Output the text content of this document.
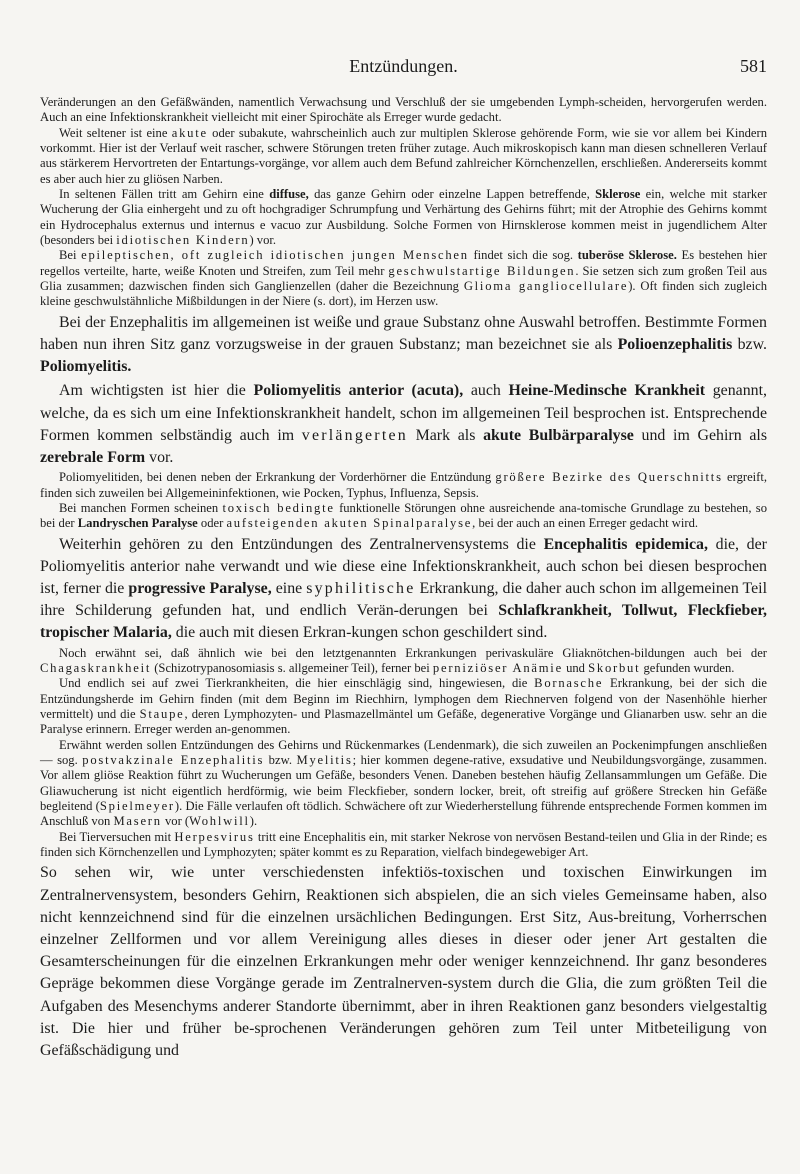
Entzündungen.	581

Veränderungen an den Gefäßwänden, namentlich Verwachsung und Verschluß der sie umgebenden Lymph-scheiden, hervorgerufen werden. Auch an eine Infektionskrankheit vielleicht mit einer Spirochäte als Erreger wurde gedacht.

Weit seltener ist eine akute oder subakute, wahrscheinlich auch zur multiplen Sklerose gehörende Form, wie sie vor allem bei Kindern vorkommt. Hier ist der Verlauf weit rascher, schwere Störungen treten früher zutage. Auch mikroskopisch kann man diesen schnelleren Verlauf aus stärkerem Hervortreten der Entartungs-vorgänge, vor allem auch dem Befund zahlreicher Körnchenzellen, erschließen. Andererseits kommt es aber auch hier zu gliösen Narben.

In seltenen Fällen tritt am Gehirn eine diffuse, das ganze Gehirn oder einzelne Lappen betreffende, Sklerose ein, welche mit starker Wucherung der Glia einhergeht und zu oft hochgradiger Schrumpfung und Verhärtung des Gehirns führt; mit der Atrophie des Gehirns kommt ein Hydrocephalus externus und internus e vacuo zur Ausbildung. Solche Formen von Hirnsklerose kommen meist in jugendlichem Alter (besonders bei idiotischen Kindern) vor.

Bei epileptischen, oft zugleich idiotischen jungen Menschen findet sich die sog. tuberöse Sklerose. Es bestehen hier regellos verteilte, harte, weiße Knoten und Streifen, zum Teil mehr geschwulstartige Bildungen. Sie setzen sich zum großen Teil aus Glia zusammen; dazwischen finden sich Ganglienzellen (daher die Bezeichnung Glioma gangliocellulare). Oft finden sich zugleich kleine geschwulstähnliche Mißbildungen in der Niere (s. dort), im Herzen usw.

Bei der Enzephalitis im allgemeinen ist weiße und graue Substanz ohne Auswahl betroffen. Bestimmte Formen haben nun ihren Sitz ganz vorzugsweise in der grauen Substanz; man bezeichnet sie als Polioenzephalitis bzw. Poliomyelitis.

Am wichtigsten ist hier die Poliomyelitis anterior (acuta), auch Heine-Medinsche Krankheit genannt, welche, da es sich um eine Infektionskrankheit handelt, schon im allgemeinen Teil besprochen ist. Entsprechende Formen kommen selbständig auch im verlängerten Mark als akute Bulbärparalyse und im Gehirn als zerebrale Form vor.

Poliomyelitiden, bei denen neben der Erkrankung der Vorderhörner die Entzündung größere Bezirke des Querschnitts ergreift, finden sich zuweilen bei Allgemeininfektionen, wie Pocken, Typhus, Influenza, Sepsis.

Bei manchen Formen scheinen toxisch bedingte funktionelle Störungen ohne ausreichende ana-tomische Grundlage zu bestehen, so bei der Landryschen Paralyse oder aufsteigenden akuten Spinalparalyse, bei der auch an einen Erreger gedacht wird.

Weiterhin gehören zu den Entzündungen des Zentralnervensystems die Encephalitis epidemica, die, der Poliomyelitis anterior nahe verwandt und wie diese eine Infektionskrankheit, auch schon bei diesen besprochen ist, ferner die progressive Paralyse, eine syphilitische Erkrankung, die daher auch schon im allgemeinen Teil ihre Schilderung gefunden hat, und endlich Verän-derungen bei Schlafkrankheit, Tollwut, Fleckfieber, tropischer Malaria, die auch mit diesen Erkran-kungen schon geschildert sind.

Noch erwähnt sei, daß ähnlich wie bei den letztgenannten Erkrankungen perivaskuläre Gliaknötchen-bildungen auch bei der Chagaskrankheit (Schizotrypanosomiasis s. allgemeiner Teil), ferner bei perniziöser Anämie und Skorbut gefunden wurden.

Und endlich sei auf zwei Tierkrankheiten, die hier einschlägig sind, hingewiesen, die Bornasche Erkrankung, bei der sich die Entzündungsherde im Gehirn finden (mit dem Beginn im Riechhirn, lymphogen dem Riechnerven folgend von der Nasenhöhle hierher vermittelt) und die Staupe, deren Lymphozyten- und Plasmazellmäntel um Gefäße, degenerative Vorgänge und Glianarben usw. sehr an die Paralyse erinnern. Erreger werden an-genommen.

Erwähnt werden sollen Entzündungen des Gehirns und Rückenmarkes (Lendenmark), die sich zuweilen an Pockenimpfungen anschließen — sog. postvakzinale Enzephalitis bzw. Myelitis; hier kommen degene-rative, exsudative und Neubildungsvorgänge, zusammen. Vor allem gliöse Reaktion führt zu Wucherungen um Gefäße, besonders Venen. Daneben bestehen häufig Zellansammlungen um Gefäße. Die Gliawucherung ist nicht eigentlich herdförmig, wie beim Fleckfieber, sondern locker, breit, oft streifig auf größere Strecken hin Gefäße begleitend (Spielmeyer). Die Fälle verlaufen oft tödlich. Schwächere oft zur Wiederherstellung führende entsprechende Formen kommen im Anschluß von Masern vor (Wohlwill).

Bei Tierversuchen mit Herpesvirus tritt eine Encephalitis ein, mit starker Nekrose von nervösen Bestand-teilen und Glia in der Rinde; es finden sich Körnchenzellen und Lymphozyten; später kommt es zu Reparation, vielfach bindegewebiger Art.

So sehen wir, wie unter verschiedensten infektiös-toxischen und toxischen Einwirkungen im Zentralnervensystem, besonders Gehirn, Reaktionen sich abspielen, die an sich vieles Gemeinsame haben, also nicht kennzeichnend sind für die einzelnen ursächlichen Bedingungen. Erst Sitz, Aus-breitung, Vorherrschen einzelner Zellformen und vor allem Vereinigung alles dieses in dieser oder jener Art gestalten die Gesamterscheinungen für die einzelnen Erkrankungen mehr oder weniger kennzeichnend. Ihr ganz besonderes Gepräge bekommen diese Vorgänge gerade im Zentralnerven-system durch die Glia, die zum größten Teil die Aufgaben des Mesenchyms anderer Standorte übernimmt, aber in ihren Reaktionen ganz besonders vielgestaltig ist. Die hier und früher be-sprochenen Veränderungen gehören zum Teil unter Mitbeteiligung von Gefäßschädigung und
